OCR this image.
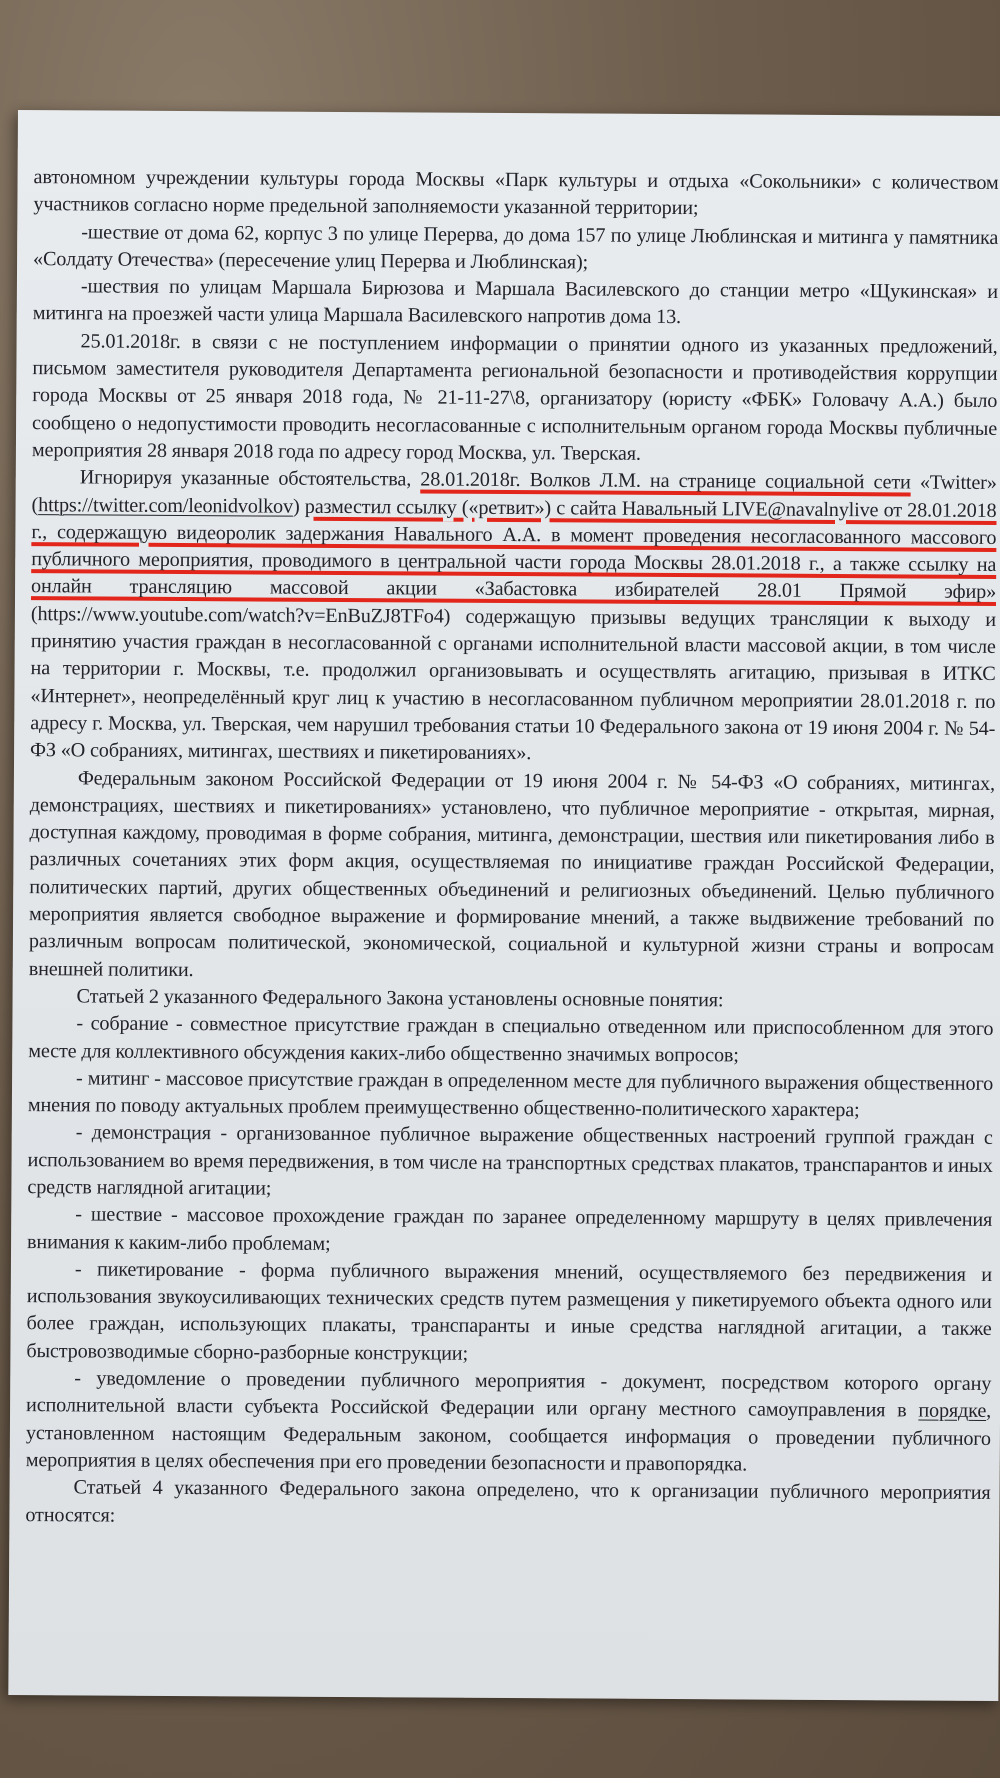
автономном учреждении культуры города Москвы «Парк культуры и отдыха «Сокольники» с количеством участников согласно норме предельной заполняемости указанной территории;

-шествие от дома 62, корпус 3 по улице Перерва, до дома 157 по улице Люблинская и митинга у памятника «Солдату Отечества» (пересечение улиц Перерва и Люблинская);

-шествия по улицам Маршала Бирюзова и Маршала Василевского до станции метро «Щукинская» и митинга на проезжей части улица Маршала Василевского напротив дома 13.

25.01.2018г. в связи с не поступлением информации о принятии одного из указанных предложений, письмом заместителя руководителя Департамента региональной безопасности и противодействия коррупции города Москвы от 25 января 2018 года, № 21-11-27\8, организатору (юристу «ФБК» Головачу А.А.) было сообщено о недопустимости проводить несогласованные с исполнительным органом города Москвы публичные мероприятия 28 января 2018 года по адресу город Москва, ул. Тверская.

Игнорируя указанные обстоятельства, 28.01.2018г. Волков Л.М. на странице социальной сети «Twitter» (https://twitter.com/leonidvolkov) разместил ссылку («ретвит») с сайта Навальный LIVE@navalnylive от 28.01.2018 г., содержащую видеоролик задержания Навального А.А. в момент проведения несогласованного массового публичного мероприятия, проводимого в центральной части города Москвы 28.01.2018 г., а также ссылку на онлайн трансляцию массовой акции «Забастовка избирателей 28.01 Прямой эфир» (https://www.youtube.com/watch?v=EnBuZJ8TFo4) содержащую призывы ведущих трансляции к выходу и принятию участия граждан в несогласованной с органами исполнительной власти массовой акции, в том числе на территории г. Москвы, т.е. продолжил организовывать и осуществлять агитацию, призывая в ИТКС «Интернет», неопределённый круг лиц к участию в несогласованном публичном мероприятии 28.01.2018 г. по адресу г. Москва, ул. Тверская, чем нарушил требования статьи 10 Федерального закона от 19 июня 2004 г. № 54-ФЗ «О собраниях, митингах, шествиях и пикетированиях».

Федеральным законом Российской Федерации от 19 июня 2004 г. № 54-ФЗ «О собраниях, митингах, демонстрациях, шествиях и пикетированиях» установлено, что публичное мероприятие - открытая, мирная, доступная каждому, проводимая в форме собрания, митинга, демонстрации, шествия или пикетирования либо в различных сочетаниях этих форм акция, осуществляемая по инициативе граждан Российской Федерации, политических партий, других общественных объединений и религиозных объединений. Целью публичного мероприятия является свободное выражение и формирование мнений, а также выдвижение требований по различным вопросам политической, экономической, социальной и культурной жизни страны и вопросам внешней политики.

Статьей 2 указанного Федерального Закона установлены основные понятия:

- собрание - совместное присутствие граждан в специально отведенном или приспособленном для этого месте для коллективного обсуждения каких-либо общественно значимых вопросов;

- митинг - массовое присутствие граждан в определенном месте для публичного выражения общественного мнения по поводу актуальных проблем преимущественно общественно-политического характера;

- демонстрация - организованное публичное выражение общественных настроений группой граждан с использованием во время передвижения, в том числе на транспортных средствах плакатов, транспарантов и иных средств наглядной агитации;

- шествие - массовое прохождение граждан по заранее определенному маршруту в целях привлечения внимания к каким-либо проблемам;

- пикетирование - форма публичного выражения мнений, осуществляемого без передвижения и использования звукоусиливающих технических средств путем размещения у пикетируемого объекта одного или более граждан, использующих плакаты, транспаранты и иные средства наглядной агитации, а также быстровозводимые сборно-разборные конструкции;

- уведомление о проведении публичного мероприятия - документ, посредством которого органу исполнительной власти субъекта Российской Федерации или органу местного самоуправления в порядке, установленном настоящим Федеральным законом, сообщается информация о проведении публичного мероприятия в целях обеспечения при его проведении безопасности и правопорядка.

Статьей 4 указанного Федерального закона определено, что к организации публичного мероприятия относятся:
